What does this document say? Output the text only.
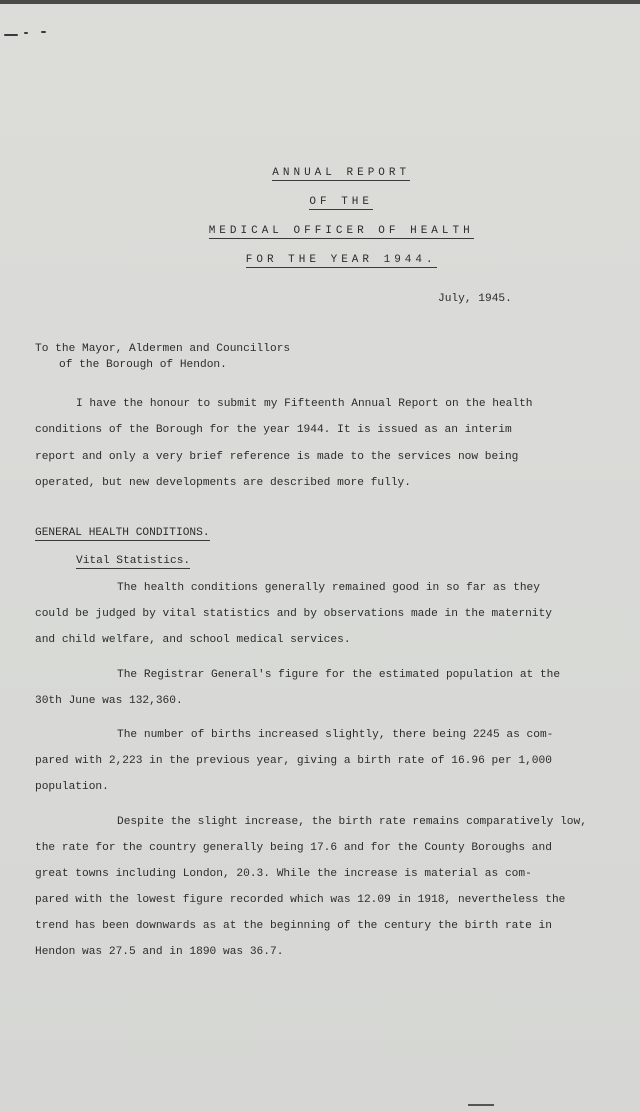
ANNUAL REPORT

OF THE

MEDICAL OFFICER OF HEALTH

FOR THE YEAR 1944.

July, 1945.
To the Mayor, Aldermen and Councillors
of the Borough of Hendon.
I have the honour to submit my Fifteenth Annual Report on the health
conditions of the Borough for the year 1944. It is issued as an interim
report and only a very brief reference is made to the services now being
operated, but new developments are described more fully.
GENERAL HEALTH CONDITIONS.
Vital Statistics.
The health conditions generally remained good in so far as they
could be judged by vital statistics and by observations made in the maternity
and child welfare, and school medical services.
The Registrar General's figure for the estimated population at the
30th June was 132,360.
The number of births increased slightly, there being 2245 as com-
pared with 2,223 in the previous year, giving a birth rate of 16.96 per 1,000
population.
Despite the slight increase, the birth rate remains comparatively low,
the rate for the country generally being 17.6 and for the County Boroughs and
great towns including London, 20.3. While the increase is material as com-
pared with the lowest figure recorded which was 12.09 in 1918, nevertheless the
trend has been downwards as at the beginning of the century the birth rate in
Hendon was 27.5 and in 1890 was 36.7.
